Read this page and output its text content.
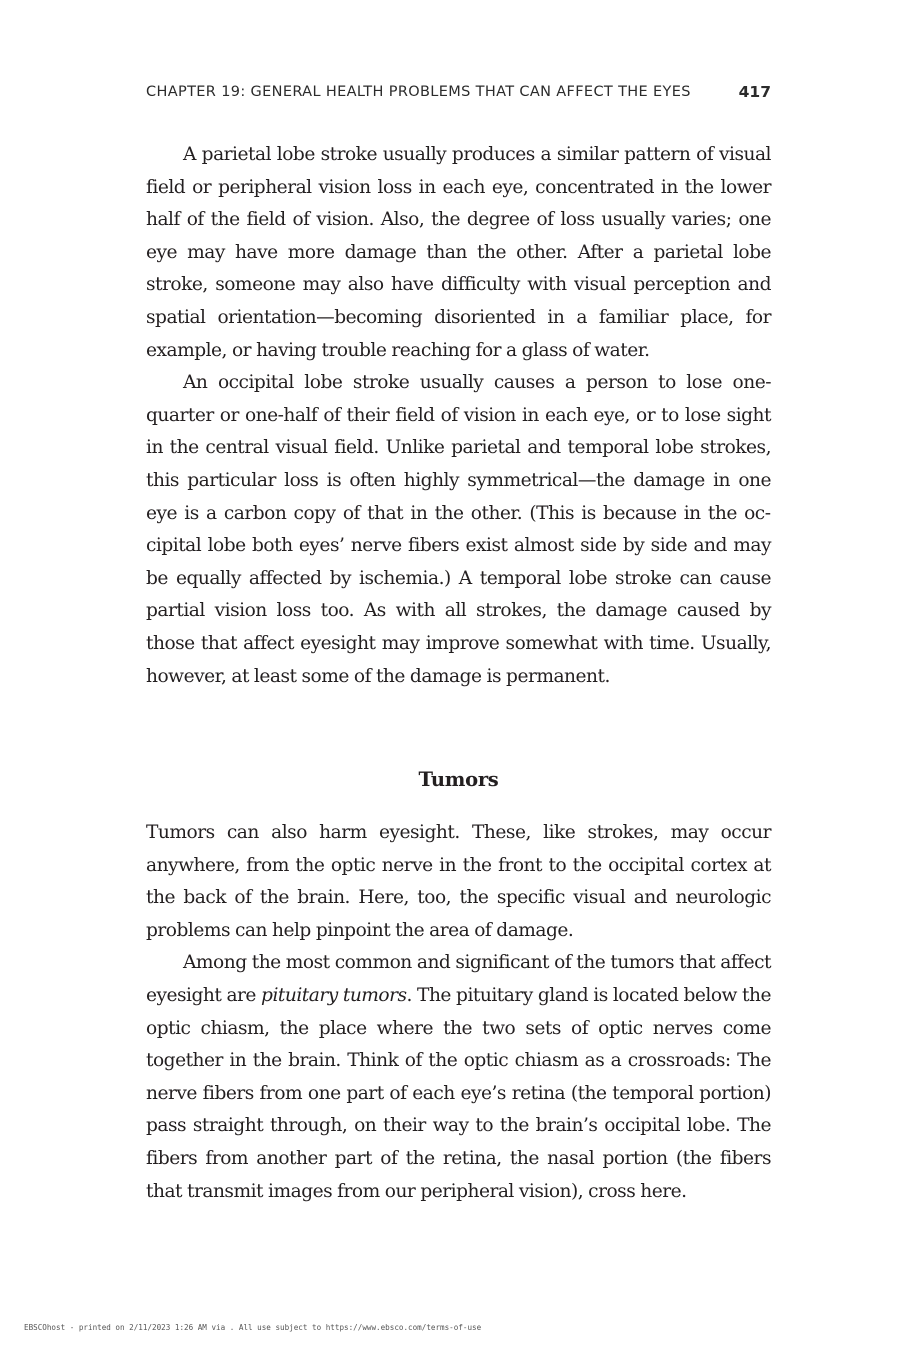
CHAPTER 19: GENERAL HEALTH PROBLEMS THAT CAN AFFECT THE EYES	417

A parietal lobe stroke usually produces a similar pattern of visual field or peripheral vision loss in each eye, concentrated in the lower half of the field of vision. Also, the degree of loss usually varies; one eye may have more damage than the other. After a parietal lobe stroke, someone may also have difficulty with visual perception and spatial orientation—becoming disoriented in a familiar place, for example, or having trouble reaching for a glass of water.

An occipital lobe stroke usually causes a person to lose one-quarter or one-half of their field of vision in each eye, or to lose sight in the central visual field. Unlike parietal and temporal lobe strokes, this particular loss is often highly symmetrical—the damage in one eye is a carbon copy of that in the other. (This is because in the occipital lobe both eyes’ nerve fibers exist almost side by side and may be equally affected by ischemia.) A temporal lobe stroke can cause partial vision loss too. As with all strokes, the damage caused by those that affect eyesight may improve somewhat with time. Usually, however, at least some of the damage is permanent.

Tumors

Tumors can also harm eyesight. These, like strokes, may occur anywhere, from the optic nerve in the front to the occipital cortex at the back of the brain. Here, too, the specific visual and neurologic problems can help pinpoint the area of damage.

Among the most common and significant of the tumors that affect eyesight are pituitary tumors. The pituitary gland is located below the optic chiasm, the place where the two sets of optic nerves come together in the brain. Think of the optic chiasm as a crossroads: The nerve fibers from one part of each eye’s retina (the temporal portion) pass straight through, on their way to the brain’s occipital lobe. The fibers from another part of the retina, the nasal portion (the fibers that transmit images from our peripheral vision), cross here.

EBSCOhost - printed on 2/11/2023 1:26 AM via . All use subject to https://www.ebsco.com/terms-of-use
